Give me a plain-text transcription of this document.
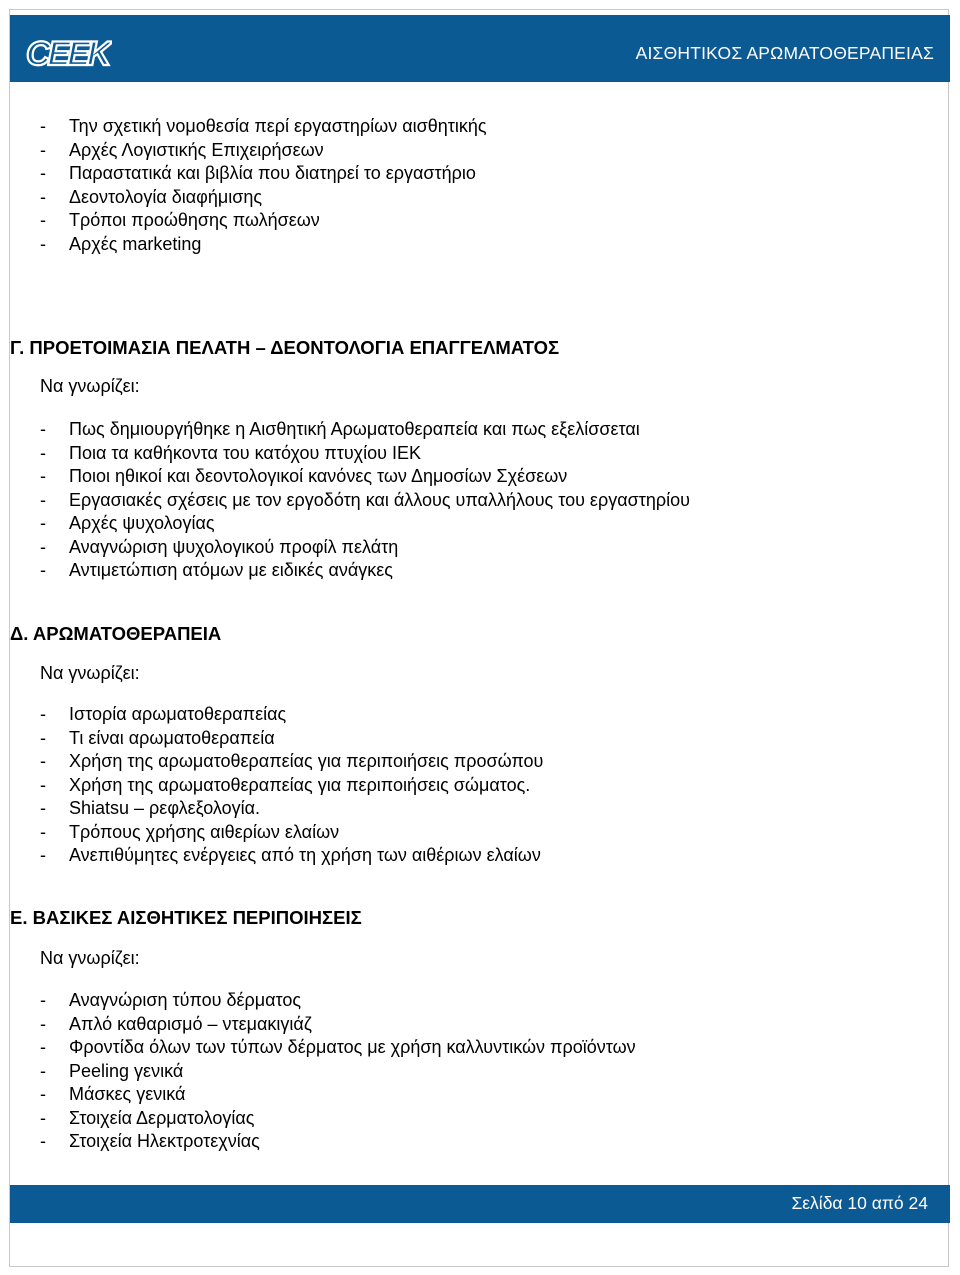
CEEK	ΑΙΣΘΗΤΙΚΟΣ ΑΡΩΜΑΤΟΘΕΡΑΠΕΙΑΣ
- Την σχετική νομοθεσία περί εργαστηρίων αισθητικής
- Αρχές Λογιστικής Επιχειρήσεων
- Παραστατικά και βιβλία που διατηρεί το εργαστήριο
- Δεοντολογία διαφήμισης
- Τρόποι προώθησης πωλήσεων
- Αρχές marketing
Γ. ΠΡΟΕΤΟΙΜΑΣΙΑ ΠΕΛΑΤΗ – ΔΕΟΝΤΟΛΟΓΙΑ ΕΠΑΓΓΕΛΜΑΤΟΣ
Να γνωρίζει:
- Πως δημιουργήθηκε η Αισθητική Αρωματοθεραπεία και πως εξελίσσεται
- Ποια τα καθήκοντα του κατόχου πτυχίου ΙΕΚ
- Ποιοι ηθικοί και δεοντολογικοί κανόνες των Δημοσίων Σχέσεων
- Εργασιακές σχέσεις με τον εργοδότη και άλλους υπαλλήλους του εργαστηρίου
- Αρχές ψυχολογίας
- Αναγνώριση ψυχολογικού προφίλ πελάτη
- Αντιμετώπιση ατόμων με ειδικές ανάγκες
Δ. ΑΡΩΜΑΤΟΘΕΡΑΠΕΙΑ
Να γνωρίζει:
- Ιστορία αρωματοθεραπείας
- Τι είναι αρωματοθεραπεία
- Χρήση της αρωματοθεραπείας για περιποιήσεις προσώπου
- Χρήση της αρωματοθεραπείας για περιποιήσεις σώματος.
- Shiatsu – ρεφλεξολογία.
- Τρόπους χρήσης αιθερίων ελαίων
- Ανεπιθύμητες ενέργειες από τη χρήση των αιθέριων ελαίων
Ε. ΒΑΣΙΚΕΣ ΑΙΣΘΗΤΙΚΕΣ ΠΕΡΙΠΟΙΗΣΕΙΣ
Να γνωρίζει:
- Αναγνώριση τύπου δέρματος
- Απλό καθαρισμό – ντεμακιγιάζ
- Φροντίδα όλων των τύπων δέρματος με χρήση καλλυντικών προϊόντων
- Peeling γενικά
- Μάσκες γενικά
- Στοιχεία Δερματολογίας
- Στοιχεία Ηλεκτροτεχνίας
Σελίδα 10 από 24
